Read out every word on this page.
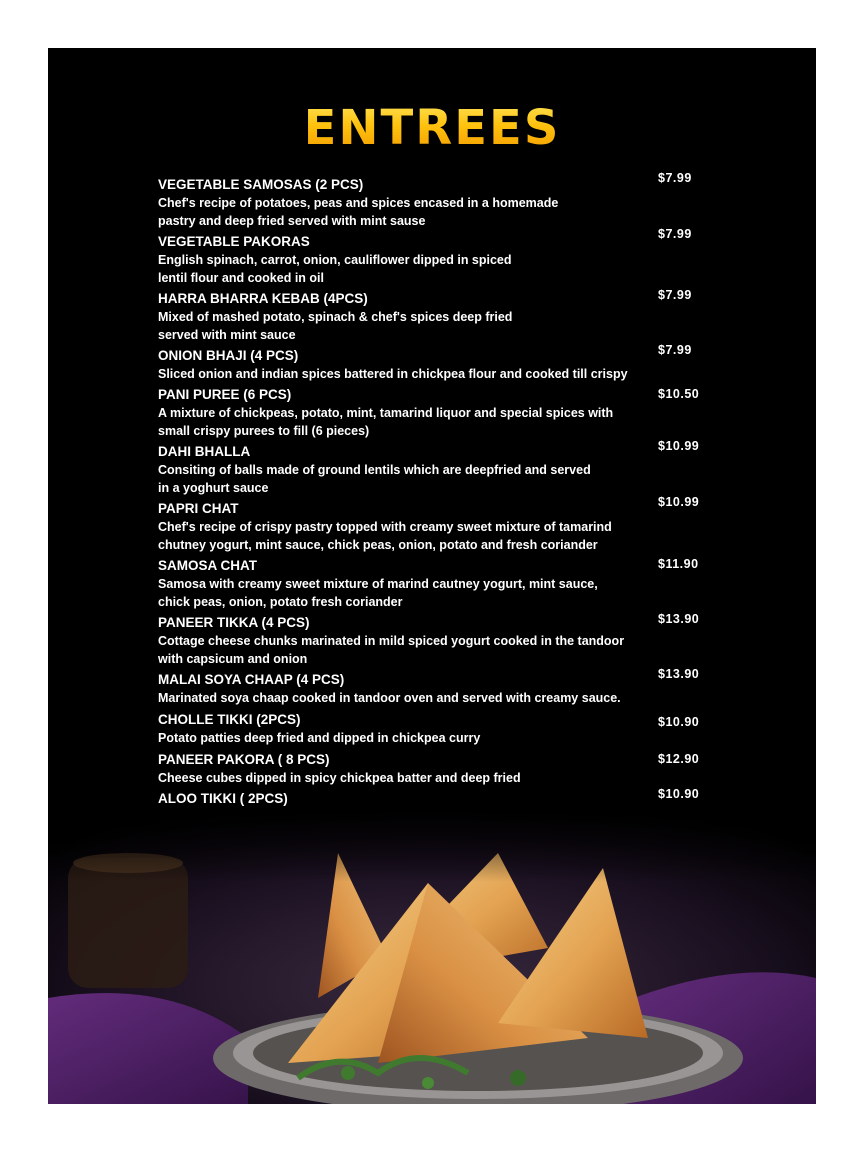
ENTREES
VEGETABLE SAMOSAS (2 PCS)
Chef's recipe of potatoes, peas and spices encased in a homemade
pastry and deep fried served with mint sause
$7.99
VEGETABLE PAKORAS
English spinach, carrot, onion, cauliflower dipped in spiced
lentil flour and cooked in oil
$7.99
HARRA BHARRA KEBAB (4PCS)
Mixed of mashed potato, spinach & chef's spices deep fried
served with mint sauce
$7.99
ONION BHAJI (4 PCS)
Sliced onion and indian spices battered in chickpea flour and cooked till crispy
$7.99
PANI PUREE (6 PCS)
A mixture of chickpeas, potato, mint, tamarind liquor and special spices with
small crispy purees to fill (6 pieces)
$10.50
DAHI BHALLA
Consiting of balls made of ground lentils which are deepfried and served
in a yoghurt sauce
$10.99
PAPRI CHAT
Chef's recipe of crispy pastry topped with creamy sweet mixture of tamarind
chutney yogurt, mint sauce, chick peas, onion, potato and fresh coriander
$10.99
SAMOSA CHAT
Samosa with creamy sweet mixture of marind cautney yogurt, mint sauce,
chick peas, onion, potato fresh coriander
$11.90
PANEER TIKKA (4 PCS)
Cottage cheese chunks marinated in mild spiced yogurt cooked in the tandoor
with capsicum and onion
$13.90
MALAI SOYA CHAAP (4 PCS)
Marinated soya chaap cooked in tandoor oven and served with creamy sauce.
$13.90
CHOLLE TIKKI (2PCS)
Potato patties deep fried and dipped in chickpea curry
$10.90
PANEER PAKORA ( 8 PCS)
Cheese cubes dipped in spicy chickpea batter and deep fried
$12.90
ALOO TIKKI ( 2PCS)	$10.90
